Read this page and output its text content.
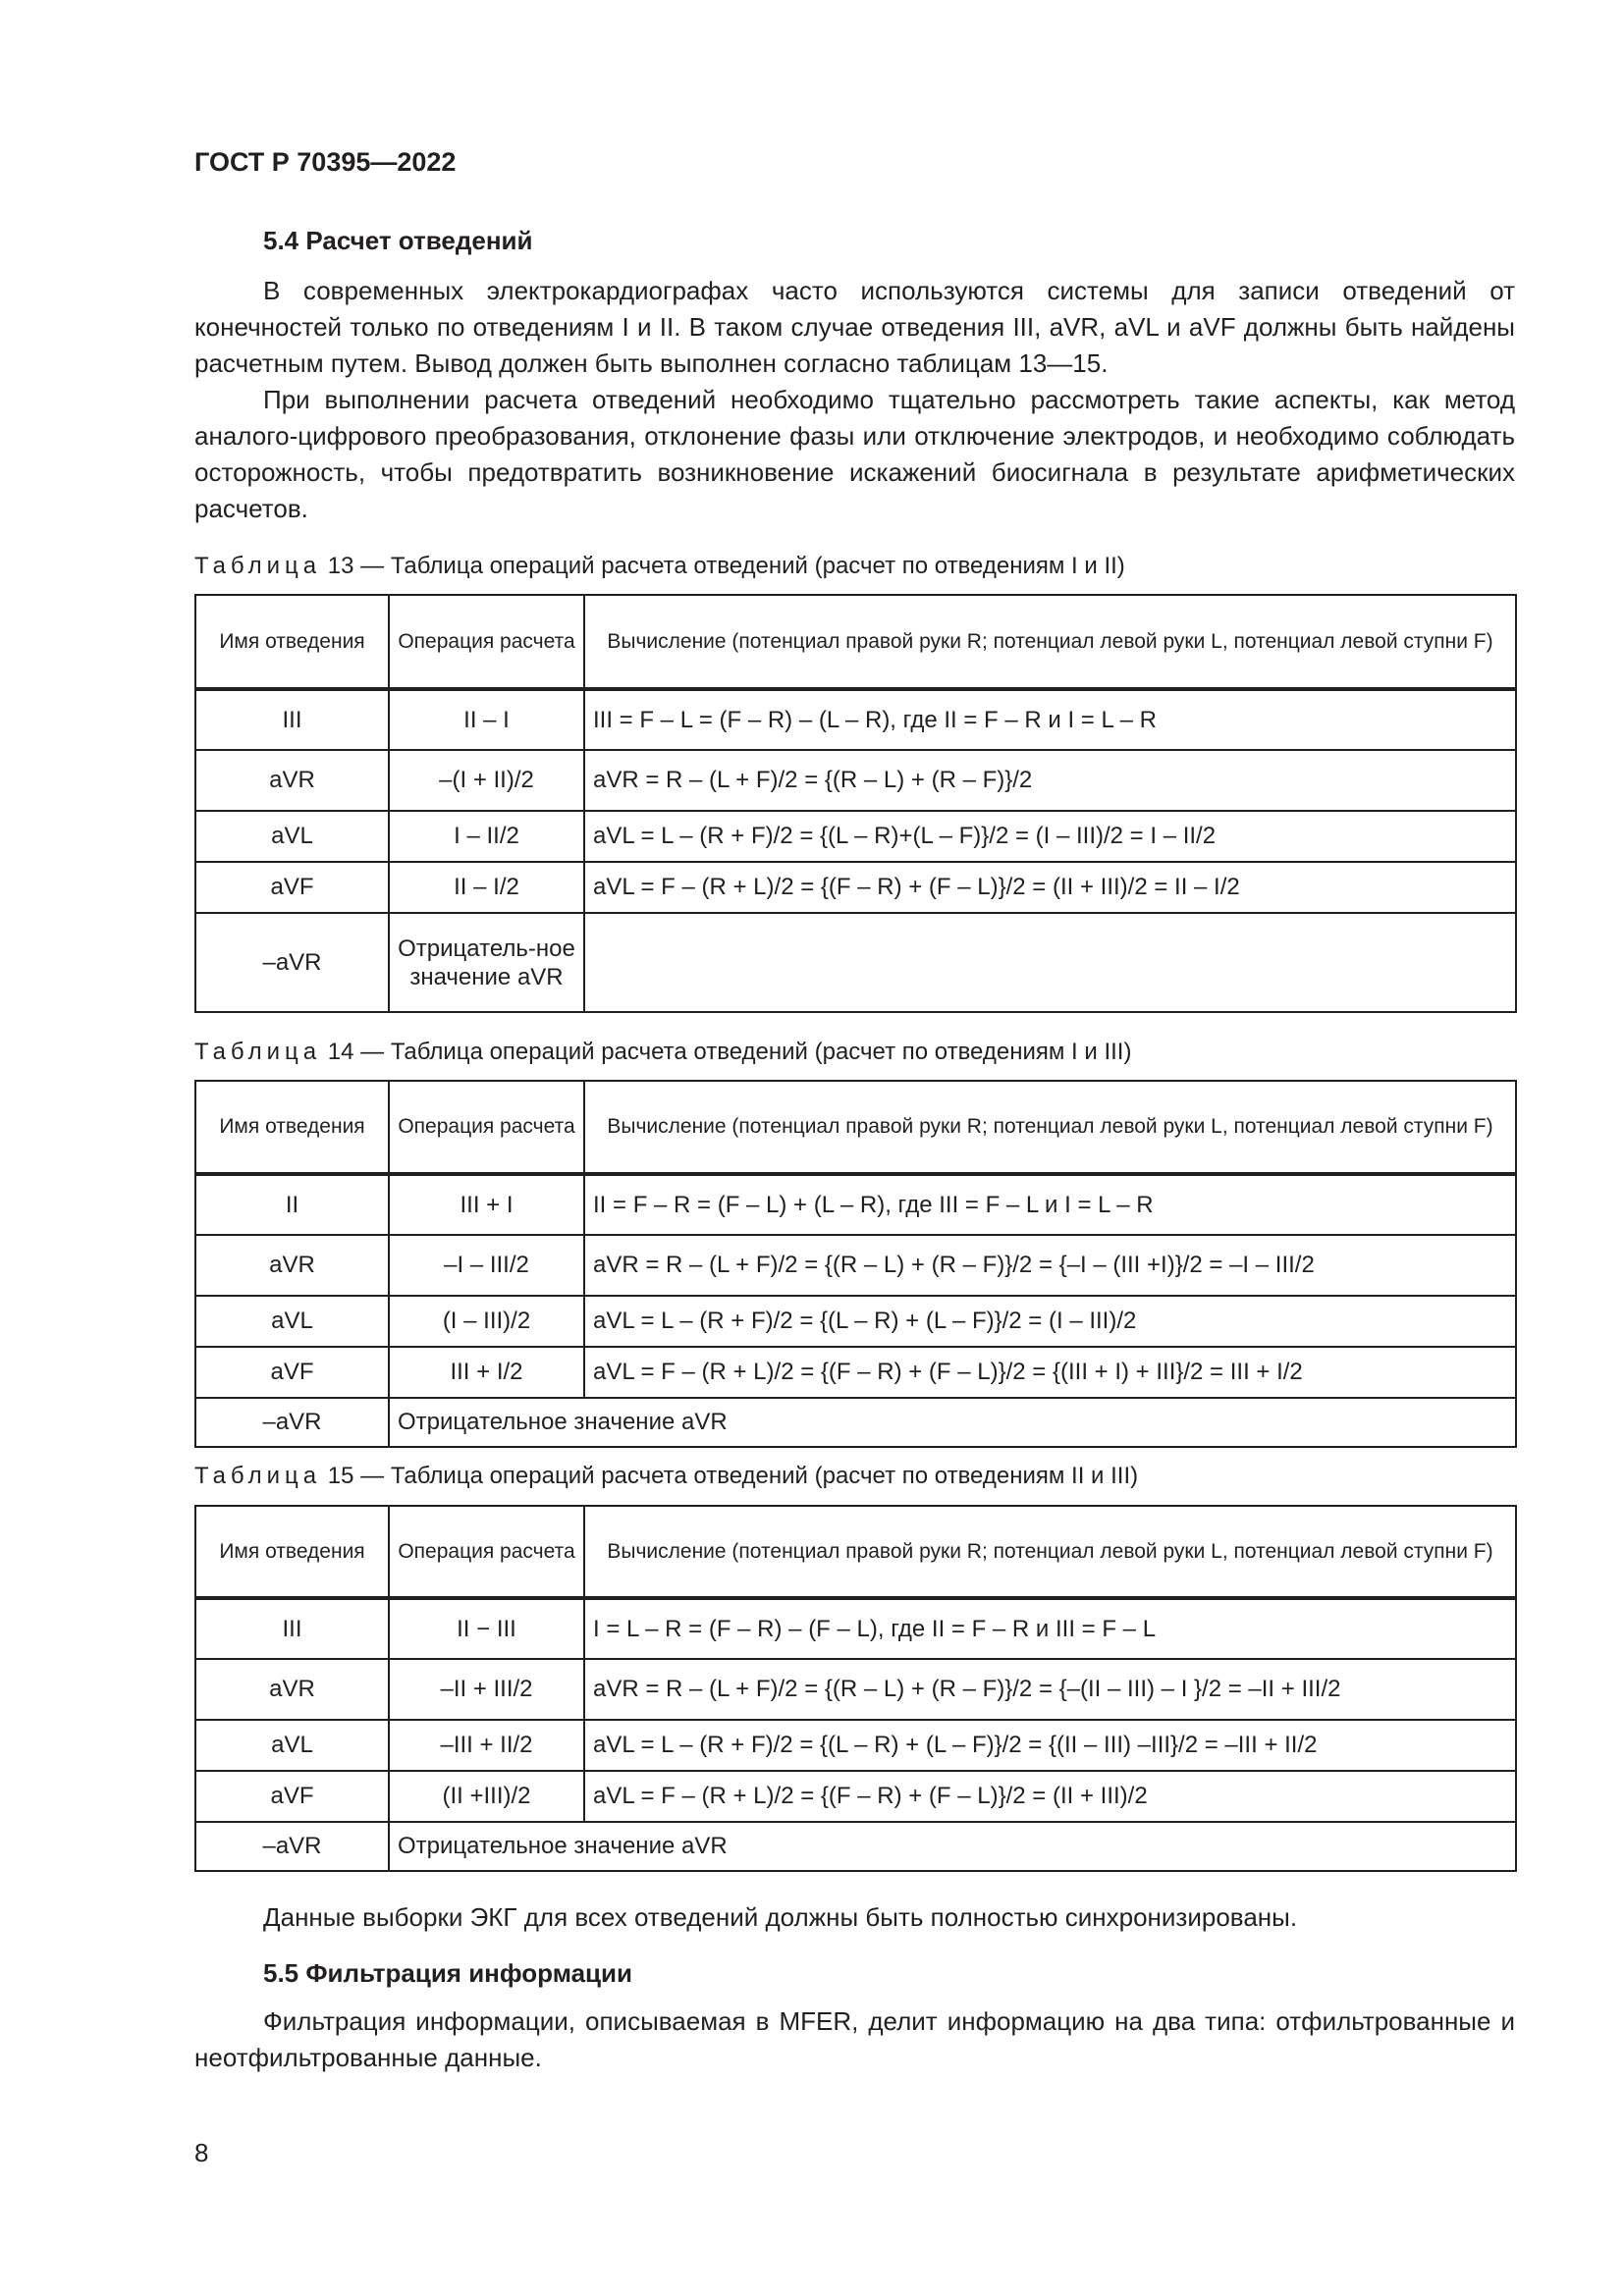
ГОСТ Р 70395—2022
5.4 Расчет отведений

В современных электрокардиографах часто используются системы для записи отведений от конечностей только по отведениям I и II. В таком случае отведения III, aVR, aVL и aVF должны быть найдены расчетным путем. Вывод должен быть выполнен согласно таблицам 13—15.

При выполнении расчета отведений необходимо тщательно рассмотреть такие аспекты, как метод аналого-цифрового преобразования, отклонение фазы или отключение электродов, и необходимо соблюдать осторожность, чтобы предотвратить возникновение искажений биосигнала в результате арифметических расчетов.

Таблица 13 — Таблица операций расчета отведений (расчет по отведениям I и II)
Имя отведения	Операция расчета	Вычисление (потенциал правой руки R; потенциал левой руки L, потенциал левой ступни F)
III	II – I	III = F – L = (F – R) – (L – R), где II = F – R и I = L – R
aVR	–(I + II)/2	aVR = R – (L + F)/2 = {(R – L) + (R – F)}/2
aVL	I – II/2	aVL = L – (R + F)/2 = {(L – R)+(L – F)}/2 = (I – III)/2 = I – II/2
aVF	II – I/2	aVL = F – (R + L)/2 = {(F – R) + (F – L)}/2 = (II + III)/2 = II – I/2
–aVR	Отрицатель-ное значение aVR	
Таблица 14 — Таблица операций расчета отведений (расчет по отведениям I и III)
Имя отведения	Операция расчета	Вычисление (потенциал правой руки R; потенциал левой руки L, потенциал левой ступни F)
II	III + I	II = F – R = (F – L) + (L – R), где III = F – L и I = L – R
aVR	–I – III/2	aVR = R – (L + F)/2 = {(R – L) + (R – F)}/2 = {–I – (III +I)}/2 = –I – III/2
aVL	(I – III)/2	aVL = L – (R + F)/2 = {(L – R) + (L – F)}/2 = (I – III)/2
aVF	III + I/2	aVL = F – (R + L)/2 = {(F – R) + (F – L)}/2 = {(III + I) + III}/2 = III + I/2
–aVR	Отрицательное значение aVR	
Таблица 15 — Таблица операций расчета отведений (расчет по отведениям II и III)
Имя отведения	Операция расчета	Вычисление (потенциал правой руки R; потенциал левой руки L, потенциал левой ступни F)
III	II − III	I = L – R = (F – R) – (F – L), где II = F – R и III = F – L
aVR	–II + III/2	aVR = R – (L + F)/2 = {(R – L) + (R – F)}/2 = {–(II – III) – I }/2 = –II + III/2
aVL	–III + II/2	aVL = L – (R + F)/2 = {(L – R) + (L – F)}/2 = {(II – III) –III}/2 = –III + II/2
aVF	(II +III)/2	aVL = F – (R + L)/2 = {(F – R) + (F – L)}/2 = (II + III)/2
–aVR	Отрицательное значение aVR	

Данные выборки ЭКГ для всех отведений должны быть полностью синхронизированы.

5.5 Фильтрация информации

Фильтрация информации, описываемая в MFER, делит информацию на два типа: отфильтрованные и неотфильтрованные данные.

8
